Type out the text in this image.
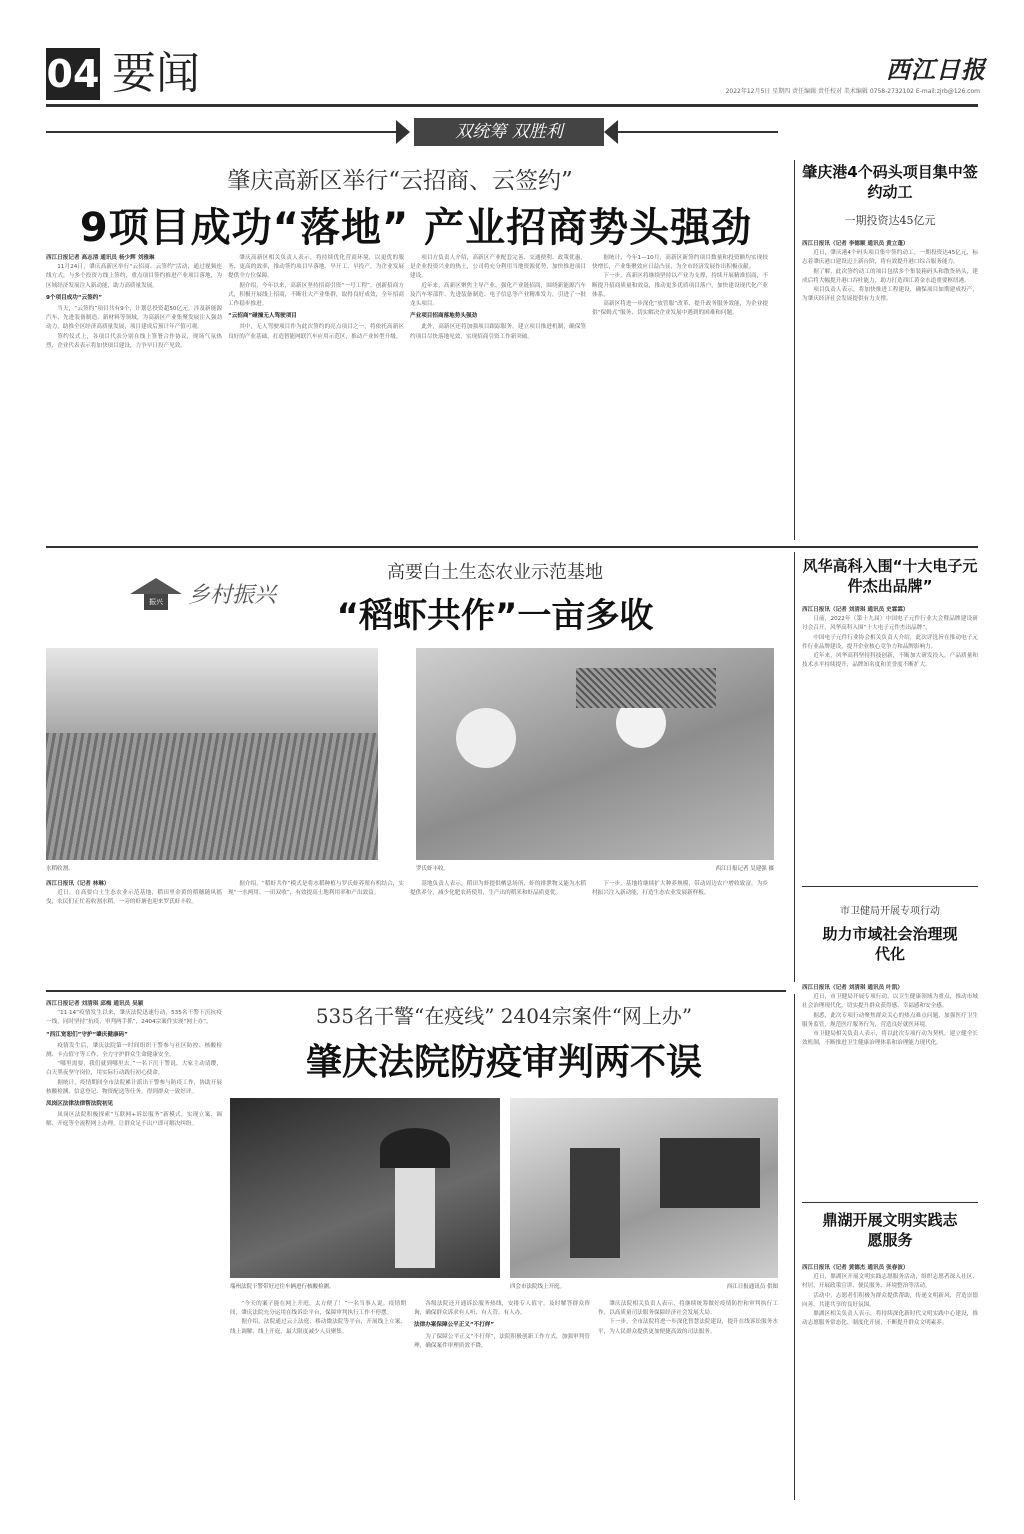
04 要闻	西江日报
2022年12月5日 星期四 责任编辑 责任校对 美术编辑 0758-2732102 E-mail:zjrb@126.com
双统筹 双胜利
肇庆高新区举行“云招商、云签约”
9项目成功“落地” 产业招商势头强劲

西江日报记者 高志清 通讯员 杨少辉 刘雅琳

11月24日，肇庆高新区举行“云招商、云签约”活动，通过视频连线方式，与多个投资方线上签约，重点项目签约推进产业项目落地，为区域经济发展注入新动能，助力高质量发展。

9个项目成功“云签约”

当天，“云签约”项目共有9个，计划总投资超50亿元。涉及新能源汽车、先进装备制造、新材料等领域，为高新区产业集聚发展注入强劲动力，助推全区经济高质量发展，项目建成后预计年产值可观。

签约仪式上，各项目代表分别在线上签署合作协议，现场气氛热烈，企业代表表示将加快项目建设，力争早日投产见效。

肇庆高新区相关负责人表示，将持续优化营商环境，以更优的服务、更高的效率，推动签约项目早落地、早开工、早投产，为企业发展提供全方位保障。

据介绍，今年以来，高新区坚持招商引资“一号工程”，创新招商方式，积极开展线上招商，不断壮大产业集群，取得良好成效，全年招商工作稳步推进。

“云招商”碰撞无人驾驶项目

其中，无人驾驶项目作为此次签约的亮点项目之一，将依托高新区良好的产业基础，打造智能网联汽车应用示范区，推动产业转型升级。

项目方负责人介绍，高新区产业配套完善、交通便利、政策优惠，是企业投资兴业的热土，公司将充分利用当地资源优势，加快推进项目建设。

近年来，高新区聚焦主导产业，强化产业链招商，围绕新能源汽车及汽车零部件、先进装备制造、电子信息等产业精准发力，引进了一批龙头项目。

产业项目招商落地势头强劲

此外，高新区还将加强项目跟踪服务，建立项目推进机制，确保签约项目尽快落地见效，实现招商引资工作新突破。

据统计，今年1—10月，高新区新签约项目数量和投资额均实现较快增长，产业集聚效应日益凸显，为全市经济发展作出积极贡献。

下一步，高新区将继续坚持以产业为支撑，持续开展精准招商，不断提升招商质量和效益，推动更多优质项目落户，加快建设现代化产业体系。

高新区将进一步深化“放管服”改革，提升政务服务效能，为企业提供“保姆式”服务，切实解决企业发展中遇到的困难和问题。

肇庆港4个码头项目集中签约动工
一期投资达45亿元

西江日报讯（记者 李德顺 通讯员 黄立蓬）

近日，肇庆港4个码头项目集中签约动工，一期投资达45亿元，标志着肇庆港口建设迈上新台阶，将有效提升港口综合服务能力。

据了解，此次签约动工的项目包括多个集装箱码头和散货码头，建成后将大幅提升港口吞吐能力，助力打造西江黄金水道重要枢纽港。

项目负责人表示，将加快推进工程建设，确保项目如期建成投产，为肇庆经济社会发展提供有力支撑。

振兴 乡村振兴
高要白土生态农业示范基地
“稻虾共作”一亩多收
水稻收割。	罗氏虾丰收。	西江日报记者 吴建强 摄

西江日报讯（记者 林琳）

近日，在高要白土生态农业示范基地，稻田里金黄的稻穗随风摇曳，农民们正忙着收割水稻，一旁的虾塘也迎来罗氏虾丰收。

据介绍，“稻虾共作”模式是将水稻种植与罗氏虾养殖有机结合，实现“一水两用、一田双收”，有效提高土地利用率和产出效益。

基地负责人表示，稻田为虾提供栖息场所，虾的排泄物又能为水稻提供养分，减少化肥农药使用，生产出的稻米和虾品质更优。

下一步，基地将继续扩大种养规模，带动周边农户增收致富，为乡村振兴注入新动能，打造生态农业发展新样板。

风华高科入围“十大电子元件杰出品牌”

西江日报讯（记者 刘清琪 通讯员 史霖霖）

日前，2022年（第十九届）中国电子元件行业大会暨品牌建设研讨会召开，风华高科入围“十大电子元件杰出品牌”。

中国电子元件行业协会相关负责人介绍，此次评选旨在推动电子元件行业品牌建设，提升企业核心竞争力和品牌影响力。

近年来，风华高科坚持科技创新，不断加大研发投入，产品质量和技术水平持续提升，品牌知名度和美誉度不断扩大。

市卫健局开展专项行动
助力市域社会治理现代化

西江日报讯（记者 刘清琪 通讯员 叶凯）

近日，市卫健局开展专项行动，以卫生健康领域为重点，推动市域社会治理现代化，切实提升群众获得感、幸福感和安全感。

据悉，此次专项行动聚焦群众关心的热点难点问题，加强医疗卫生服务监管，规范医疗服务行为，营造良好就医环境。

市卫健局相关负责人表示，将以此次专项行动为契机，建立健全长效机制，不断推进卫生健康治理体系和治理能力现代化。

西江日报记者 刘清琪 邱梅 通讯员 吴颖

“11·14”疫情发生以来，肇庆法院迅速行动，535名干警下沉抗疫一线，同时坚持“抗疫、审判两手抓”，2404宗案件实现“网上办”。

“西江宽恕们”守护“肇庆健康码”

疫情发生后，肇庆法院第一时间组织干警参与社区防控、核酸检测、卡点值守等工作，全力守护群众生命健康安全。

“哪里需要，我们就到哪里去。”一名下沉干警说，大家主动请缨，白天黑夜坚守岗位，用实际行动践行初心使命。

据统计，疫情期间全市法院累计派出干警参与防疫工作，协助开展核酸检测、信息登记、物资配送等任务，得到群众一致好评。

凤岗区法律法律帮法院初见

凤岗区法院积极探索“互联网+诉讼服务”新模式，实现立案、调解、开庭等全流程网上办理，让群众足不出户即可解决纠纷。

535名干警“在疫线” 2404宗案件“网上办”
肇庆法院防疫审判两不误
端州法院干警带好过往车辆进行核酸检测。	四会市法院线上开庭。	西江日报通讯员 供图

“今天的案子能在网上开庭，太方便了！”一名当事人说。疫情期间，肇庆法院充分运用在线诉讼平台，保障审判执行工作不停摆。

据介绍，法院通过云上法庭、移动微法院等平台，开展线上立案、线上调解、线上开庭，最大限度减少人员聚集。

各级法院还开通诉讼服务热线，安排专人值守，及时解答群众咨询，确保群众诉求有人听、有人管、有人办。

法律办案保障公平正义“不打烊”

为了保障公平正义“不打烊”，法院积极创新工作方式，加强审判管理，确保案件审理质效不降。

肇庆法院相关负责人表示，将继续统筹做好疫情防控和审判执行工作，以高质量司法服务保障经济社会发展大局。

下一步，全市法院将进一步深化智慧法院建设，提升在线诉讼服务水平，为人民群众提供更加便捷高效的司法服务。

鼎湖开展文明实践志愿服务

西江日报讯（记者 黄德杰 通讯员 张春波）

近日，鼎湖区开展文明实践志愿服务活动，组织志愿者深入社区、村居，开展政策宣讲、便民服务、环境整治等活动。

活动中，志愿者们积极为群众提供帮助，传递文明新风，营造崇德向善、共建共享的良好氛围。

鼎湖区相关负责人表示，将持续深化新时代文明实践中心建设，推动志愿服务常态化、制度化开展，不断提升群众文明素养。
